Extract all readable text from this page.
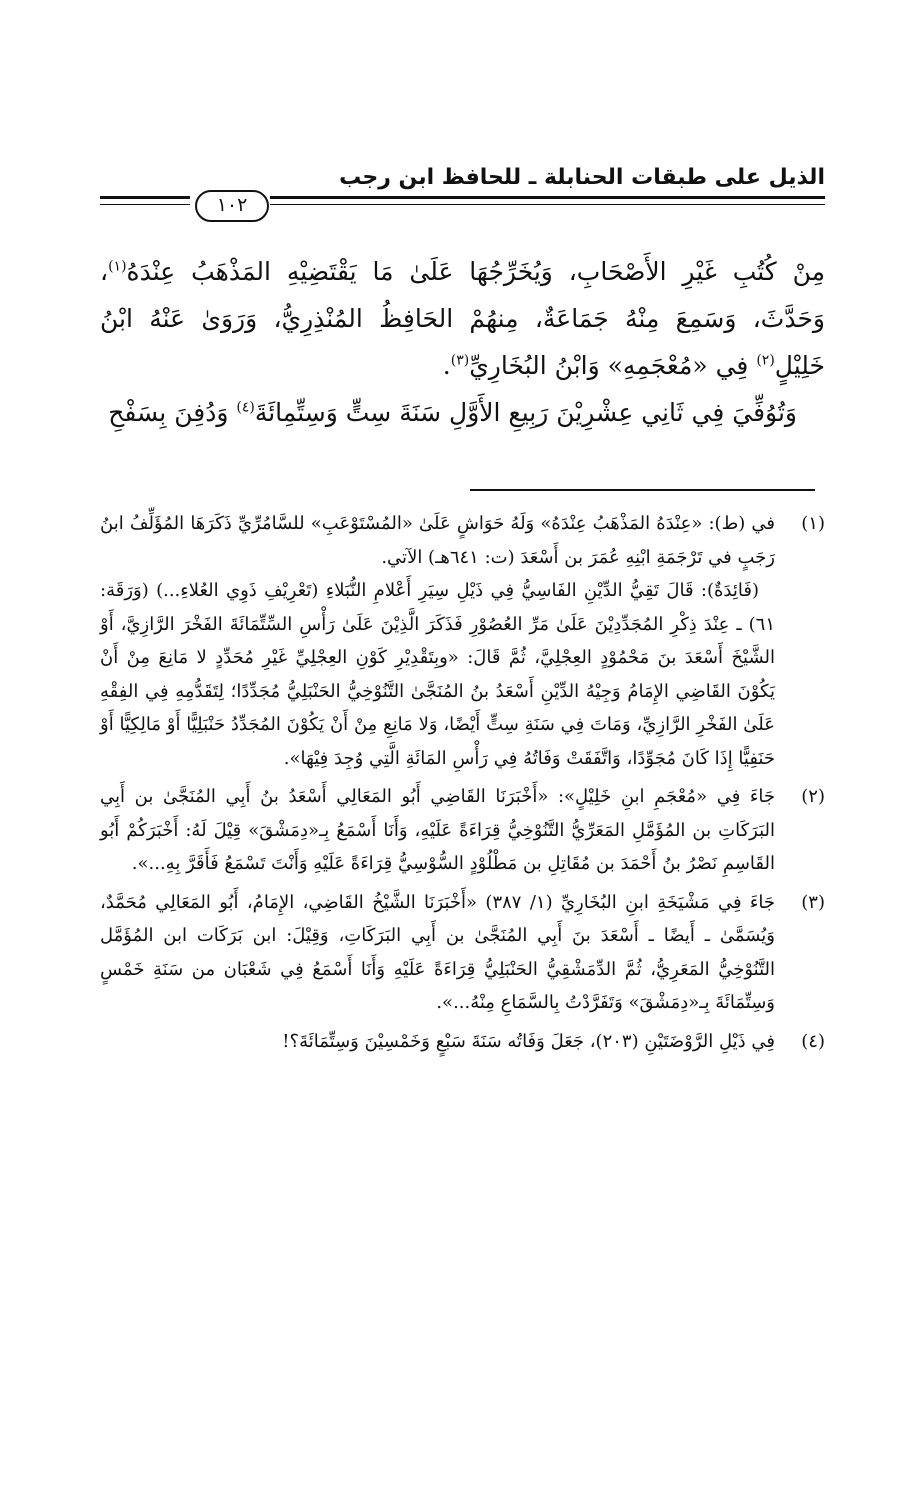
الذيل على طبقات الحنابلة ـ للحافظ ابن رجب
١٠٢

مِنْ كُتُبِ غَيْرِ الأَصْحَابِ، وَيُخَرِّجُهَا عَلَىٰ مَا يَقْتَضِيْهِ المَذْهَبُ عِنْدَهُ$^{(١)}$، وَحَدَّثَ، وَسَمِعَ مِنْهُ جَمَاعَةٌ، مِنهُمْ الحَافِظُ المُنْذِرِيُّ، وَرَوَىٰ عَنْهُ ابْنُ خَلِيْلٍ$^{(٢)}$ فِي «مُعْجَمِهِ» وَابْنُ البُخَارِيِّ$^{(٣)}$.

وَتُوُفِّيَ فِي ثَانِي عِشْرِيْنَ رَبِيعِ الأَوَّلِ سَنَةَ سِتٍّ وَسِتِّمِائَةَ$^{(٤)}$ وَدُفِنَ بِسَفْحِ

(١)

في (ط): «عِنْدَهُ المَذْهَبُ عِنْدَهُ» وَلَهُ حَوَاشٍ عَلَىٰ «المُسْتَوْعَبِ» للسَّامُرِّيِّ ذَكَرَهَا المُؤَلِّفُ ابنُ رَجَبٍ في تَرْجَمَةِ ابْنِهِ عُمَرَ بن أَسْعَدَ (ت: ٦٤١هـ) الآتي.

(فَائِدَةٌ): قَالَ تَقِيُّ الدِّيْنِ الفَاسِيُّ فِي ذَيْلِ سِيَرِ أَعْلامِ النُّبَلاءِ (تَعْرِيْفِ ذَوِي العُلاءِ...) (وَرَقَة: ٦١) ـ عِنْدَ ذِكْرِ المُجَدِّدِيْنَ عَلَىٰ مَرِّ العُصُوْرِ فَذَكَرَ الَّذِيْنَ عَلَىٰ رَأْسِ السِّتِّمَائَةَ الفَخْرَ الرَّازِيَّ، أَوْ الشَّيْخَ أَسْعَدَ بنَ مَحْمُوْدٍ العِجْلِيَّ، ثُمَّ قَالَ: «وبِتَقْدِيْرِ كَوْنِ العِجْلِيِّ غَيْرِ مُحَدِّدٍ لا مَانِعَ مِنْ أَنْ يَكُوْنَ القَاضِي الإِمَامُ وَجِيْهُ الدِّيْنِ أَسْعَدُ بنُ المُنَجَّىٰ التَّنُوْخِيُّ الحَنْبَلِيُّ مُجَدِّدًا؛ لِتَقَدُّمِهِ فِي الفِقْهِ عَلَىٰ الفَخْرِ الرَّازِيِّ، وَمَاتَ فِي سَنَةِ سِتٍّ أَيْضًا، وَلا مَانِعِ مِنْ أَنْ يَكُوْنَ المُجَدِّدُ حَنْبَلِيًّا أَوْ مَالِكِيًّا أَوْ حَنَفِيًّا إِذَا كَانَ مُجَوِّدًا، وَاتَّفَقَتْ وَفَاتُهُ فِي رَأْسِ المَائَةِ الَّتِي وُجِدَ فِيْهَا».

(٢)

جَاءَ فِي «مُعْجَمِ ابنِ خَلِيْلٍ»: «أَخْبَرَنَا القَاضِي أَبُو المَعَالِي أَسْعَدُ بنُ أَبِي المُنَجَّىٰ بن أَبِي البَرَكَاتِ بن المُؤَمَّلِ المَعَرِّيُّ التَّنُوْخِيُّ قِرَاءَةً عَلَيْهِ، وَأَنَا أَسْمَعُ بِـ«دِمَشْقَ» قِيْلَ لَهُ: أَخْبَرَكُمْ أَبُو القَاسِمِ نَصْرُ بنُ أَحْمَدَ بن مُقَاتِلِ بن مَطْلُوْدٍ السُّوْسِيُّ قِرَاءَةً عَلَيْهِ وَأَنْتَ تَسْمَعُ فَأَقَرَّ بِهِ...».

(٣)

جَاءَ فِي مَشْيَخَةِ ابنِ البُخَارِيِّ (١/ ٣٨٧) «أَخْبَرَنَا الشَّيْخُ القَاضِي، الإِمَامُ، أَبُو المَعَالِي مُحَمَّدٌ، وَيُسَمَّىٰ ـ أَيضًا ـ أَسْعَدَ بنَ أَبِي المُنَجَّىٰ بن أَبِي البَرَكَاتِ، وَقِيْلَ: ابن بَرَكَات ابن المُؤَمَّل التَّنُوْخِيُّ المَعَرِيُّ، ثُمَّ الدِّمَشْقِيُّ الحَنْبَلِيُّ قِرَاءَةً عَلَيْهِ وَأَنَا أَسْمَعُ فِي شَعْبَان من سَنَةِ خَمْسٍ وَسِتِّمَائَةَ بِـ«دِمَشْقَ» وَتَفَرَّدْتُ بِالسَّمَاعِ مِنْهُ...».

(٤)

فِي ذَيْلِ الرَّوْضَتَيْنِ (٢٠٣)، جَعَلَ وَفَاتُه سَنَةَ سَبْعٍ وَخَمْسِيْنَ وَسِتِّمَائَةَ؟!
